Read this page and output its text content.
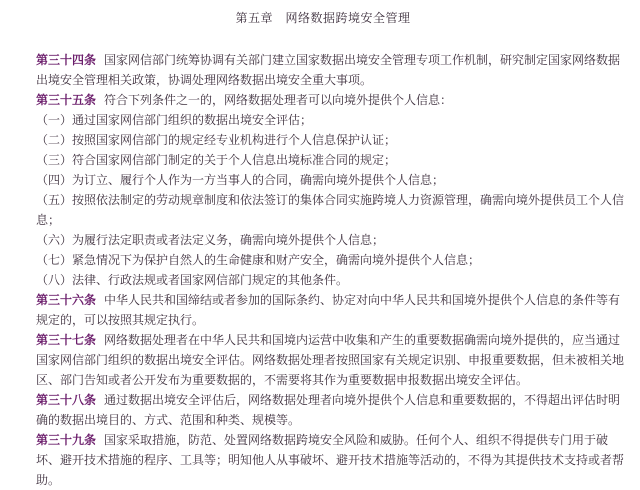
第五章　网络数据跨境安全管理

第三十四条 国家网信部门统筹协调有关部门建立国家数据出境安全管理专项工作机制，研究制定国家网络数据出境安全管理相关政策，协调处理网络数据出境安全重大事项。

第三十五条 符合下列条件之一的，网络数据处理者可以向境外提供个人信息：

（一）通过国家网信部门组织的数据出境安全评估；

（二）按照国家网信部门的规定经专业机构进行个人信息保护认证；

（三）符合国家网信部门制定的关于个人信息出境标准合同的规定；

（四）为订立、履行个人作为一方当事人的合同，确需向境外提供个人信息；

（五）按照依法制定的劳动规章制度和依法签订的集体合同实施跨境人力资源管理，确需向境外提供员工个人信息；

（六）为履行法定职责或者法定义务，确需向境外提供个人信息；

（七）紧急情况下为保护自然人的生命健康和财产安全，确需向境外提供个人信息；

（八）法律、行政法规或者国家网信部门规定的其他条件。

第三十六条 中华人民共和国缔结或者参加的国际条约、协定对向中华人民共和国境外提供个人信息的条件等有规定的，可以按照其规定执行。

第三十七条 网络数据处理者在中华人民共和国境内运营中收集和产生的重要数据确需向境外提供的，应当通过国家网信部门组织的数据出境安全评估。网络数据处理者按照国家有关规定识别、申报重要数据，但未被相关地区、部门告知或者公开发布为重要数据的，不需要将其作为重要数据申报数据出境安全评估。

第三十八条 通过数据出境安全评估后，网络数据处理者向境外提供个人信息和重要数据的，不得超出评估时明确的数据出境目的、方式、范围和种类、规模等。

第三十九条 国家采取措施，防范、处置网络数据跨境安全风险和威胁。任何个人、组织不得提供专门用于破坏、避开技术措施的程序、工具等；明知他人从事破坏、避开技术措施等活动的，不得为其提供技术支持或者帮助。
